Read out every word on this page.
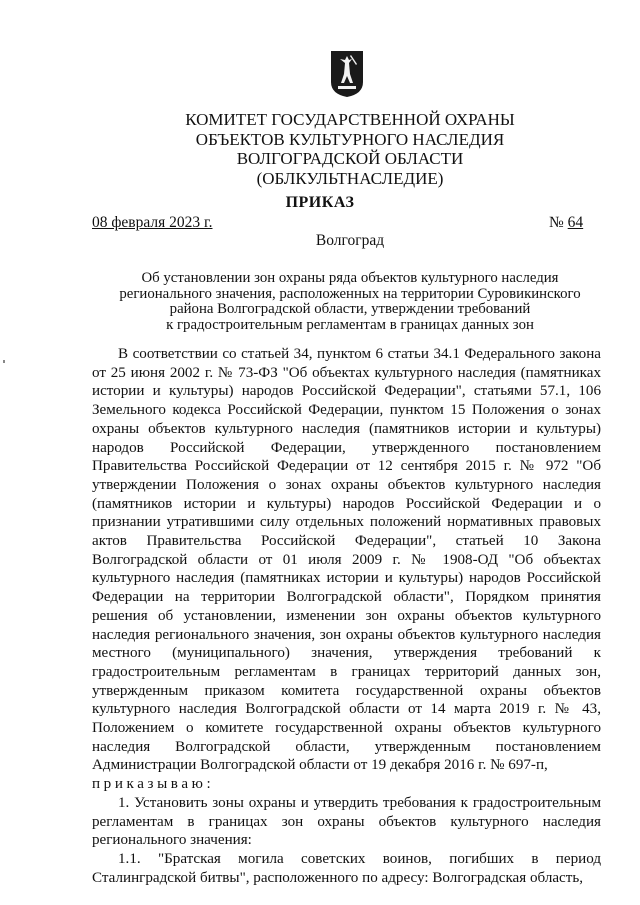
КОМИТЕТ ГОСУДАРСТВЕННОЙ ОХРАНЫ
ОБЪЕКТОВ КУЛЬТУРНОГО НАСЛЕДИЯ
ВОЛГОГРАДСКОЙ ОБЛАСТИ
(ОБЛКУЛЬТНАСЛЕДИЕ)
ПРИКАЗ
08 февраля 2023 г.	№ 64
Волгоград
Об установлении зон охраны ряда объектов культурного наследия
регионального значения, расположенных на территории Суровикинского
района Волгоградской области, утверждении требований
к градостроительным регламентам в границах данных зон

В соответствии со статьей 34, пунктом 6 статьи 34.1 Федерального закона от 25 июня 2002 г. № 73-ФЗ "Об объектах культурного наследия (памятниках истории и культуры) народов Российской Федерации", статьями 57.1, 106 Земельного кодекса Российской Федерации, пунктом 15 Положения о зонах охраны объектов культурного наследия (памятников истории и культуры) народов Российской Федерации, утвержденного постановлением Правительства Российской Федерации от 12 сентября 2015 г. № 972 "Об утверждении Положения о зонах охраны объектов культурного наследия (памятников истории и культуры) народов Российской Федерации и о признании утратившими силу отдельных положений нормативных правовых актов Правительства Российской Федерации", статьей 10 Закона Волгоградской области от 01 июля 2009 г. № 1908-ОД "Об объектах культурного наследия (памятниках истории и культуры) народов Российской Федерации на территории Волгоградской области", Порядком принятия решения об установлении, изменении зон охраны объектов культурного наследия регионального значения, зон охраны объектов культурного наследия местного (муниципального) значения, утверждения требований к градостроительным регламентам в границах территорий данных зон, утвержденным приказом комитета государственной охраны объектов культурного наследия Волгоградской области от 14 марта 2019 г. № 43, Положением о комитете государственной охраны объектов культурного наследия Волгоградской области, утвержденным постановлением Администрации Волгоградской области от 19 декабря 2016 г. № 697-п,

приказываю:

1. Установить зоны охраны и утвердить требования к градостроительным регламентам в границах зон охраны объектов культурного наследия регионального значения:

1.1. "Братская могила советских воинов, погибших в период Сталинградской битвы", расположенного по адресу: Волгоградская область,
